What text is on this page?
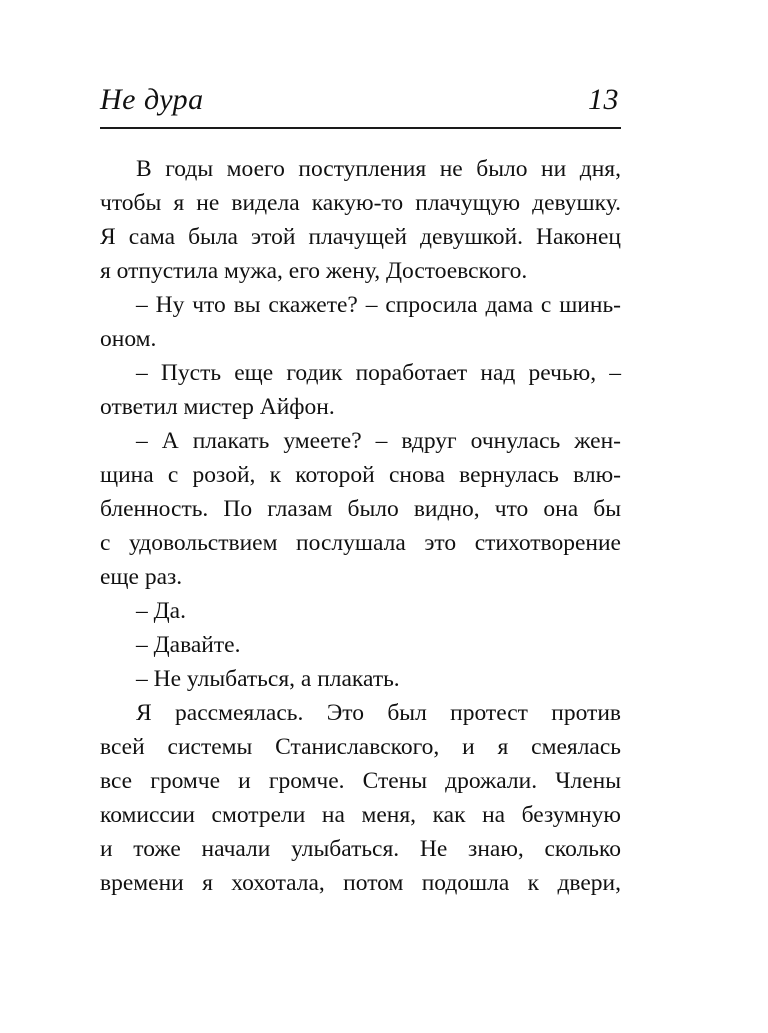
Не дура	13

В годы моего поступления не было ни дня,
чтобы я не видела какую-то плачущую девушку.
Я сама была этой плачущей девушкой. Наконец
я отпустила мужа, его жену, Достоевского.

– Ну что вы скажете? – спросила дама с шинь-
оном.

– Пусть еще годик поработает над речью, –
ответил мистер Айфон.

– А плакать умеете? – вдруг очнулась жен-
щина с розой, к которой снова вернулась влю-
бленность. По глазам было видно, что она бы
с удовольствием послушала это стихотворение
еще раз.

– Да.

– Давайте.

– Не улыбаться, а плакать.

Я рассмеялась. Это был протест против
всей системы Станиславского, и я смеялась
все громче и громче. Стены дрожали. Члены
комиссии смотрели на меня, как на безумную
и тоже начали улыбаться. Не знаю, сколько
времени я хохотала, потом подошла к двери,
